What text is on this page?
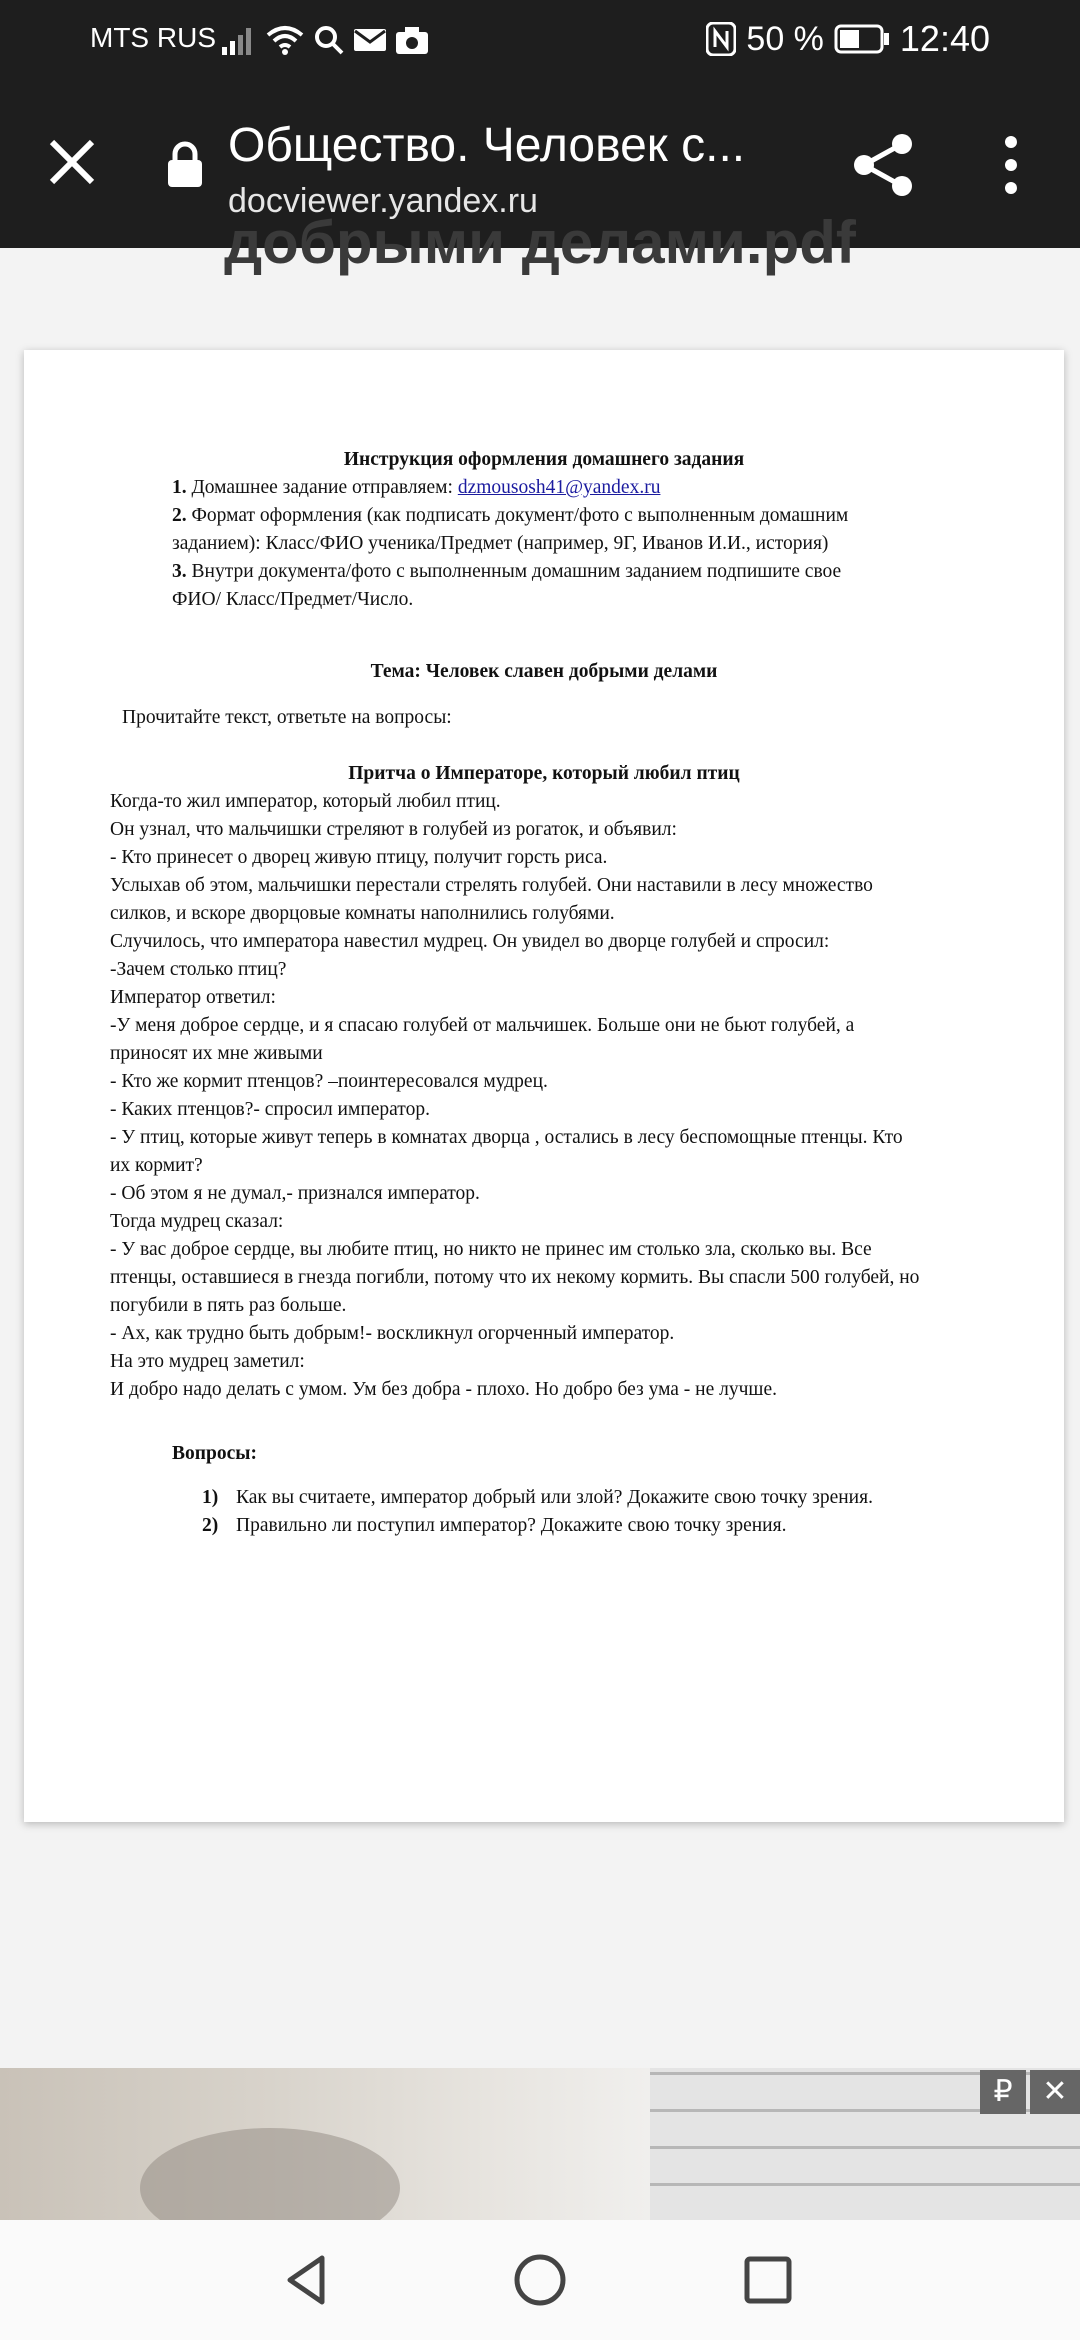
MTS RUS	50 % 12:40
Общество. Человек с...
docviewer.yandex.ru
добрыми делами.pdf
Инструкция оформления домашнего задания
1. Домашнее задание отправляем: dzmousosh41@yandex.ru
2. Формат оформления (как подписать документ/фото с выполненным домашним
заданием): Класс/ФИО ученика/Предмет (например, 9Г, Иванов И.И., история)
3. Внутри документа/фото с выполненным домашним заданием подпишите свое
ФИО/ Класс/Предмет/Число.
Тема: Человек славен добрыми делами
Прочитайте текст, ответьте на вопросы:
Притча о Императоре, который любил птиц
Когда-то жил император, который любил птиц.
Он узнал, что мальчишки стреляют в голубей из рогаток, и объявил:
- Кто принесет о дворец живую птицу, получит горсть риса.
Услыхав об этом, мальчишки перестали стрелять голубей. Они наставили в лесу множество
силков, и вскоре дворцовые комнаты наполнились голубями.
Случилось, что императора навестил мудрец. Он увидел во дворце голубей и спросил:
-Зачем столько птиц?
Император ответил:
-У меня доброе сердце, и я спасаю голубей от мальчишек. Больше они не бьют голубей, а
приносят их мне живыми
- Кто же кормит птенцов? –поинтересовался мудрец.
- Каких птенцов?- спросил император.
- У птиц, которые живут теперь в комнатах дворца , остались в лесу беспомощные птенцы. Кто
их кормит?
- Об этом я не думал,- признался император.
Тогда мудрец сказал:
- У вас доброе сердце, вы любите птиц, но никто не принес им столько зла, сколько вы. Все
птенцы, оставшиеся в гнезда погибли, потому что их некому кормить. Вы спасли 500 голубей, но
погубили в пять раз больше.
- Ах, как трудно быть добрым!- воскликнул огорченный император.
На это мудрец заметил:
И добро надо делать с умом. Ум без добра - плохо. Но добро без ума - не лучше.
Вопросы:
1) Как вы считаете, император добрый или злой? Докажите свою точку зрения.
2) Правильно ли поступил император? Докажите свою точку зрения.
₽ ✕
